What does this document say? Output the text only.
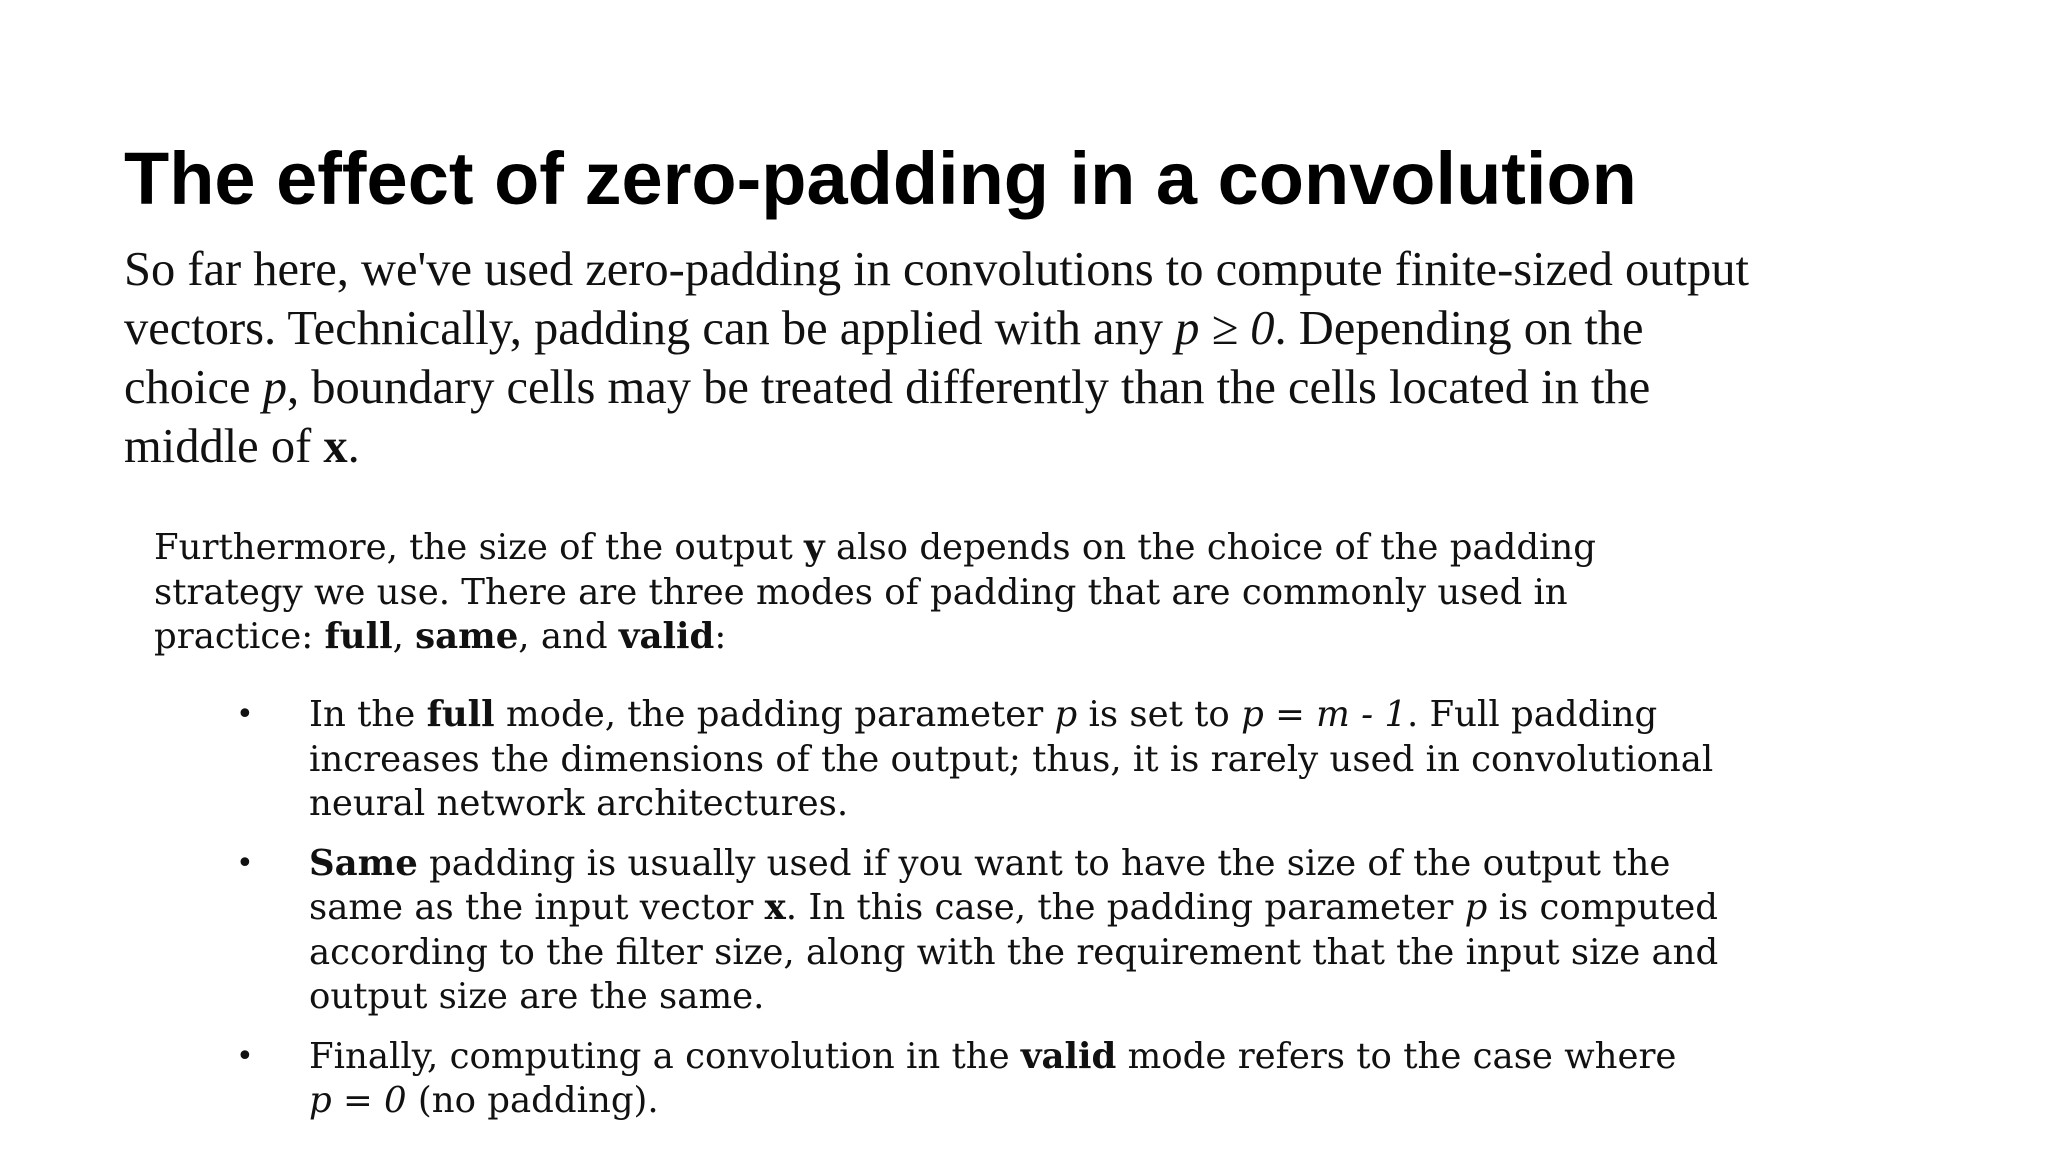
The effect of zero-padding in a convolution
So far here, we've used zero-padding in convolutions to compute finite-sized output
vectors. Technically, padding can be applied with any p ≥ 0. Depending on the
choice p, boundary cells may be treated differently than the cells located in the
middle of x.

Furthermore, the size of the output y also depends on the choice of the padding
strategy we use. There are three modes of padding that are commonly used in
practice: full, same, and valid:

• In the full mode, the padding parameter p is set to p = m - 1. Full padding
increases the dimensions of the output; thus, it is rarely used in convolutional
neural network architectures.
• Same padding is usually used if you want to have the size of the output the
same as the input vector x. In this case, the padding parameter p is computed
according to the filter size, along with the requirement that the input size and
output size are the same.
• Finally, computing a convolution in the valid mode refers to the case where
p = 0 (no padding).
